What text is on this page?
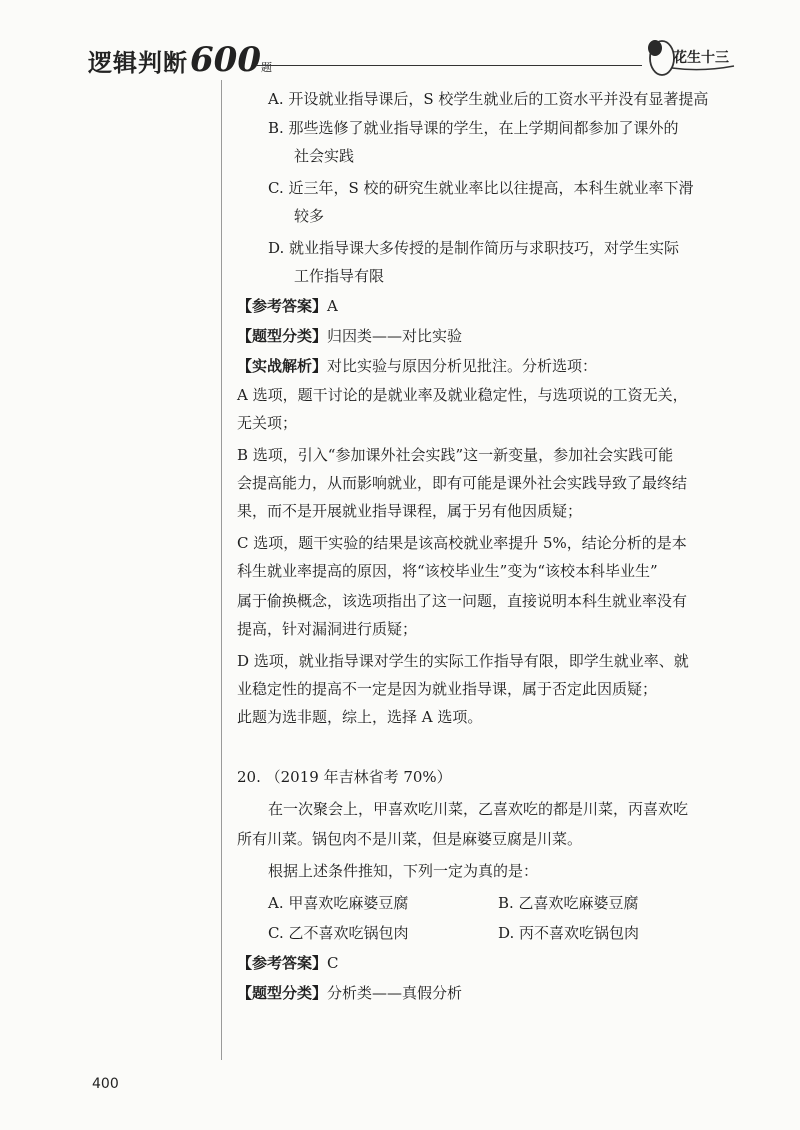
逻辑判断600题
花生十三
A. 开设就业指导课后，S 校学生就业后的工资水平并没有显著提高
B. 那些选修了就业指导课的学生，在上学期间都参加了课外的
社会实践
C. 近三年，S 校的研究生就业率比以往提高，本科生就业率下滑
较多
D. 就业指导课大多传授的是制作简历与求职技巧，对学生实际
工作指导有限
【参考答案】A
【题型分类】归因类——对比实验
【实战解析】对比实验与原因分析见批注。分析选项：
A 选项，题干讨论的是就业率及就业稳定性，与选项说的工资无关，
无关项；
B 选项，引入“参加课外社会实践”这一新变量，参加社会实践可能
会提高能力，从而影响就业，即有可能是课外社会实践导致了最终结
果，而不是开展就业指导课程，属于另有他因质疑；
C 选项，题干实验的结果是该高校就业率提升 5%，结论分析的是本
科生就业率提高的原因，将“该校毕业生”变为“该校本科毕业生”
属于偷换概念，该选项指出了这一问题，直接说明本科生就业率没有
提高，针对漏洞进行质疑；
D 选项，就业指导课对学生的实际工作指导有限，即学生就业率、就
业稳定性的提高不一定是因为就业指导课，属于否定此因质疑；
此题为选非题，综上，选择 A 选项。
20. （2019 年吉林省考 70%）
在一次聚会上，甲喜欢吃川菜，乙喜欢吃的都是川菜，丙喜欢吃
所有川菜。锅包肉不是川菜，但是麻婆豆腐是川菜。
根据上述条件推知，下列一定为真的是：
A. 甲喜欢吃麻婆豆腐	B. 乙喜欢吃麻婆豆腐
C. 乙不喜欢吃锅包肉	D. 丙不喜欢吃锅包肉
【参考答案】C
【题型分类】分析类——真假分析
400
